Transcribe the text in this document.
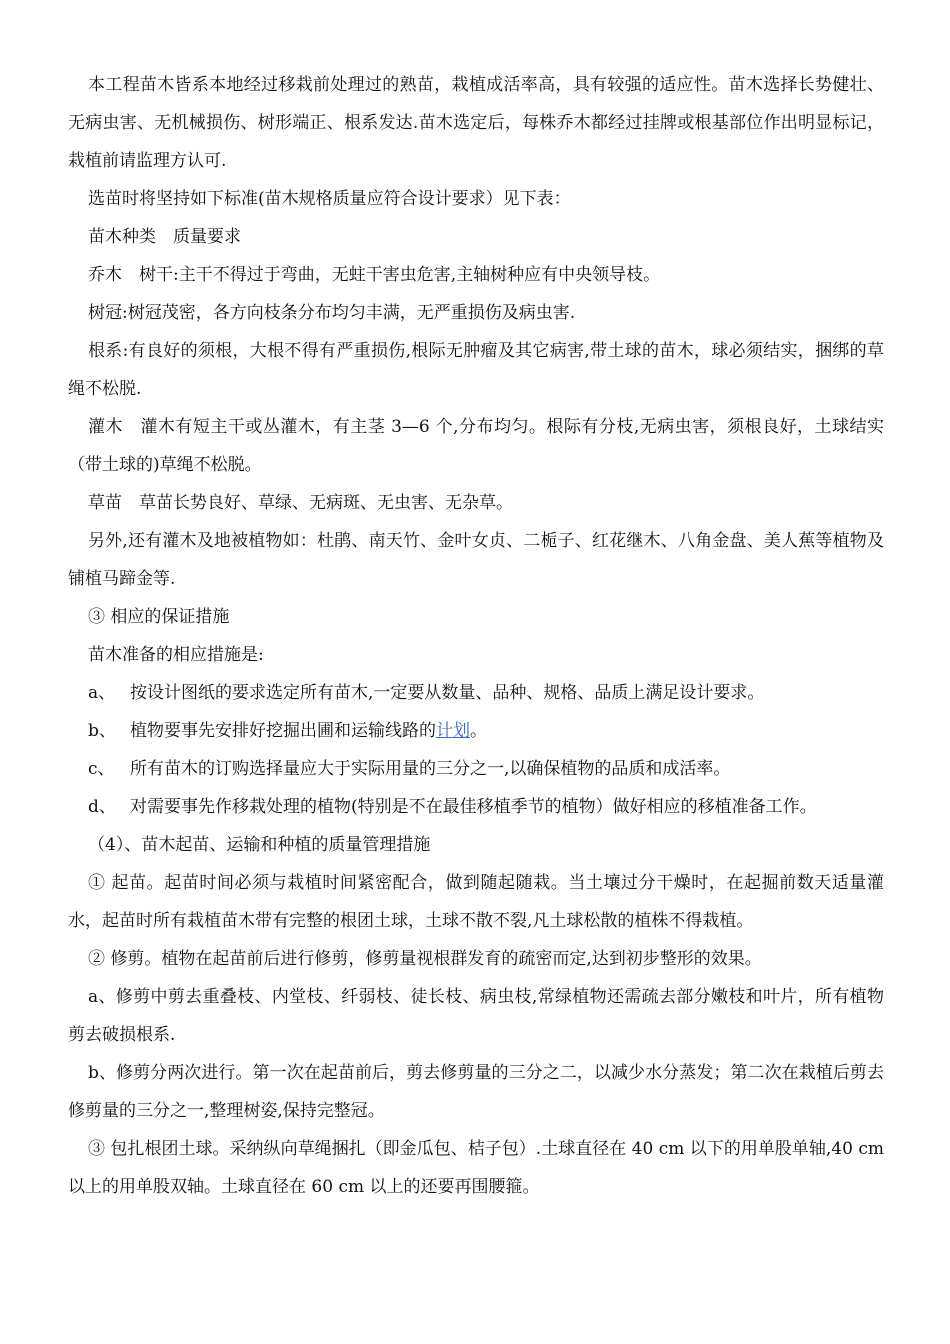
本工程苗木皆系本地经过移栽前处理过的熟苗，栽植成活率高，具有较强的适应性。苗木选择长势健壮、无病虫害、无机械损伤、树形端正、根系发达.苗木选定后，每株乔木都经过挂牌或根基部位作出明显标记，栽植前请监理方认可.

选苗时将坚持如下标准(苗木规格质量应符合设计要求）见下表：

苗木种类　质量要求

乔木　树干:主干不得过于弯曲，无蛀干害虫危害,主轴树种应有中央领导枝。

树冠:树冠茂密，各方向枝条分布均匀丰满，无严重损伤及病虫害.

根系:有良好的须根，大根不得有严重损伤,根际无肿瘤及其它病害,带土球的苗木，球必须结实，捆绑的草绳不松脱.

灌木　灌木有短主干或丛灌木，有主茎 3—6 个,分布均匀。根际有分枝,无病虫害，须根良好，土球结实（带土球的)草绳不松脱。

草苗　草苗长势良好、草绿、无病斑、无虫害、无杂草。

另外,还有灌木及地被植物如：杜鹃、南天竹、金叶女贞、二栀子、红花继木、八角金盘、美人蕉等植物及铺植马蹄金等.

③ 相应的保证措施

苗木准备的相应措施是:

a、 按设计图纸的要求选定所有苗木,一定要从数量、品种、规格、品质上满足设计要求。

b、 植物要事先安排好挖掘出圃和运输线路的计划。

c、 所有苗木的订购选择量应大于实际用量的三分之一,以确保植物的品质和成活率。

d、 对需要事先作移栽处理的植物(特别是不在最佳移植季节的植物）做好相应的移植准备工作。

（4）、苗木起苗、运输和种植的质量管理措施

① 起苗。起苗时间必须与栽植时间紧密配合，做到随起随栽。当土壤过分干燥时，在起掘前数天适量灌水，起苗时所有栽植苗木带有完整的根团土球，土球不散不裂,凡土球松散的植株不得栽植。

② 修剪。植物在起苗前后进行修剪，修剪量视根群发育的疏密而定,达到初步整形的效果。

a、修剪中剪去重叠枝、内堂枝、纤弱枝、徒长枝、病虫枝,常绿植物还需疏去部分嫩枝和叶片，所有植物剪去破损根系.

b、修剪分两次进行。第一次在起苗前后，剪去修剪量的三分之二，以减少水分蒸发；第二次在栽植后剪去修剪量的三分之一,整理树姿,保持完整冠。

③ 包扎根团土球。采纳纵向草绳捆扎（即金瓜包、桔子包）.土球直径在 40 cm 以下的用单股单轴,40 cm 以上的用单股双轴。土球直径在 60 cm 以上的还要再围腰箍。
